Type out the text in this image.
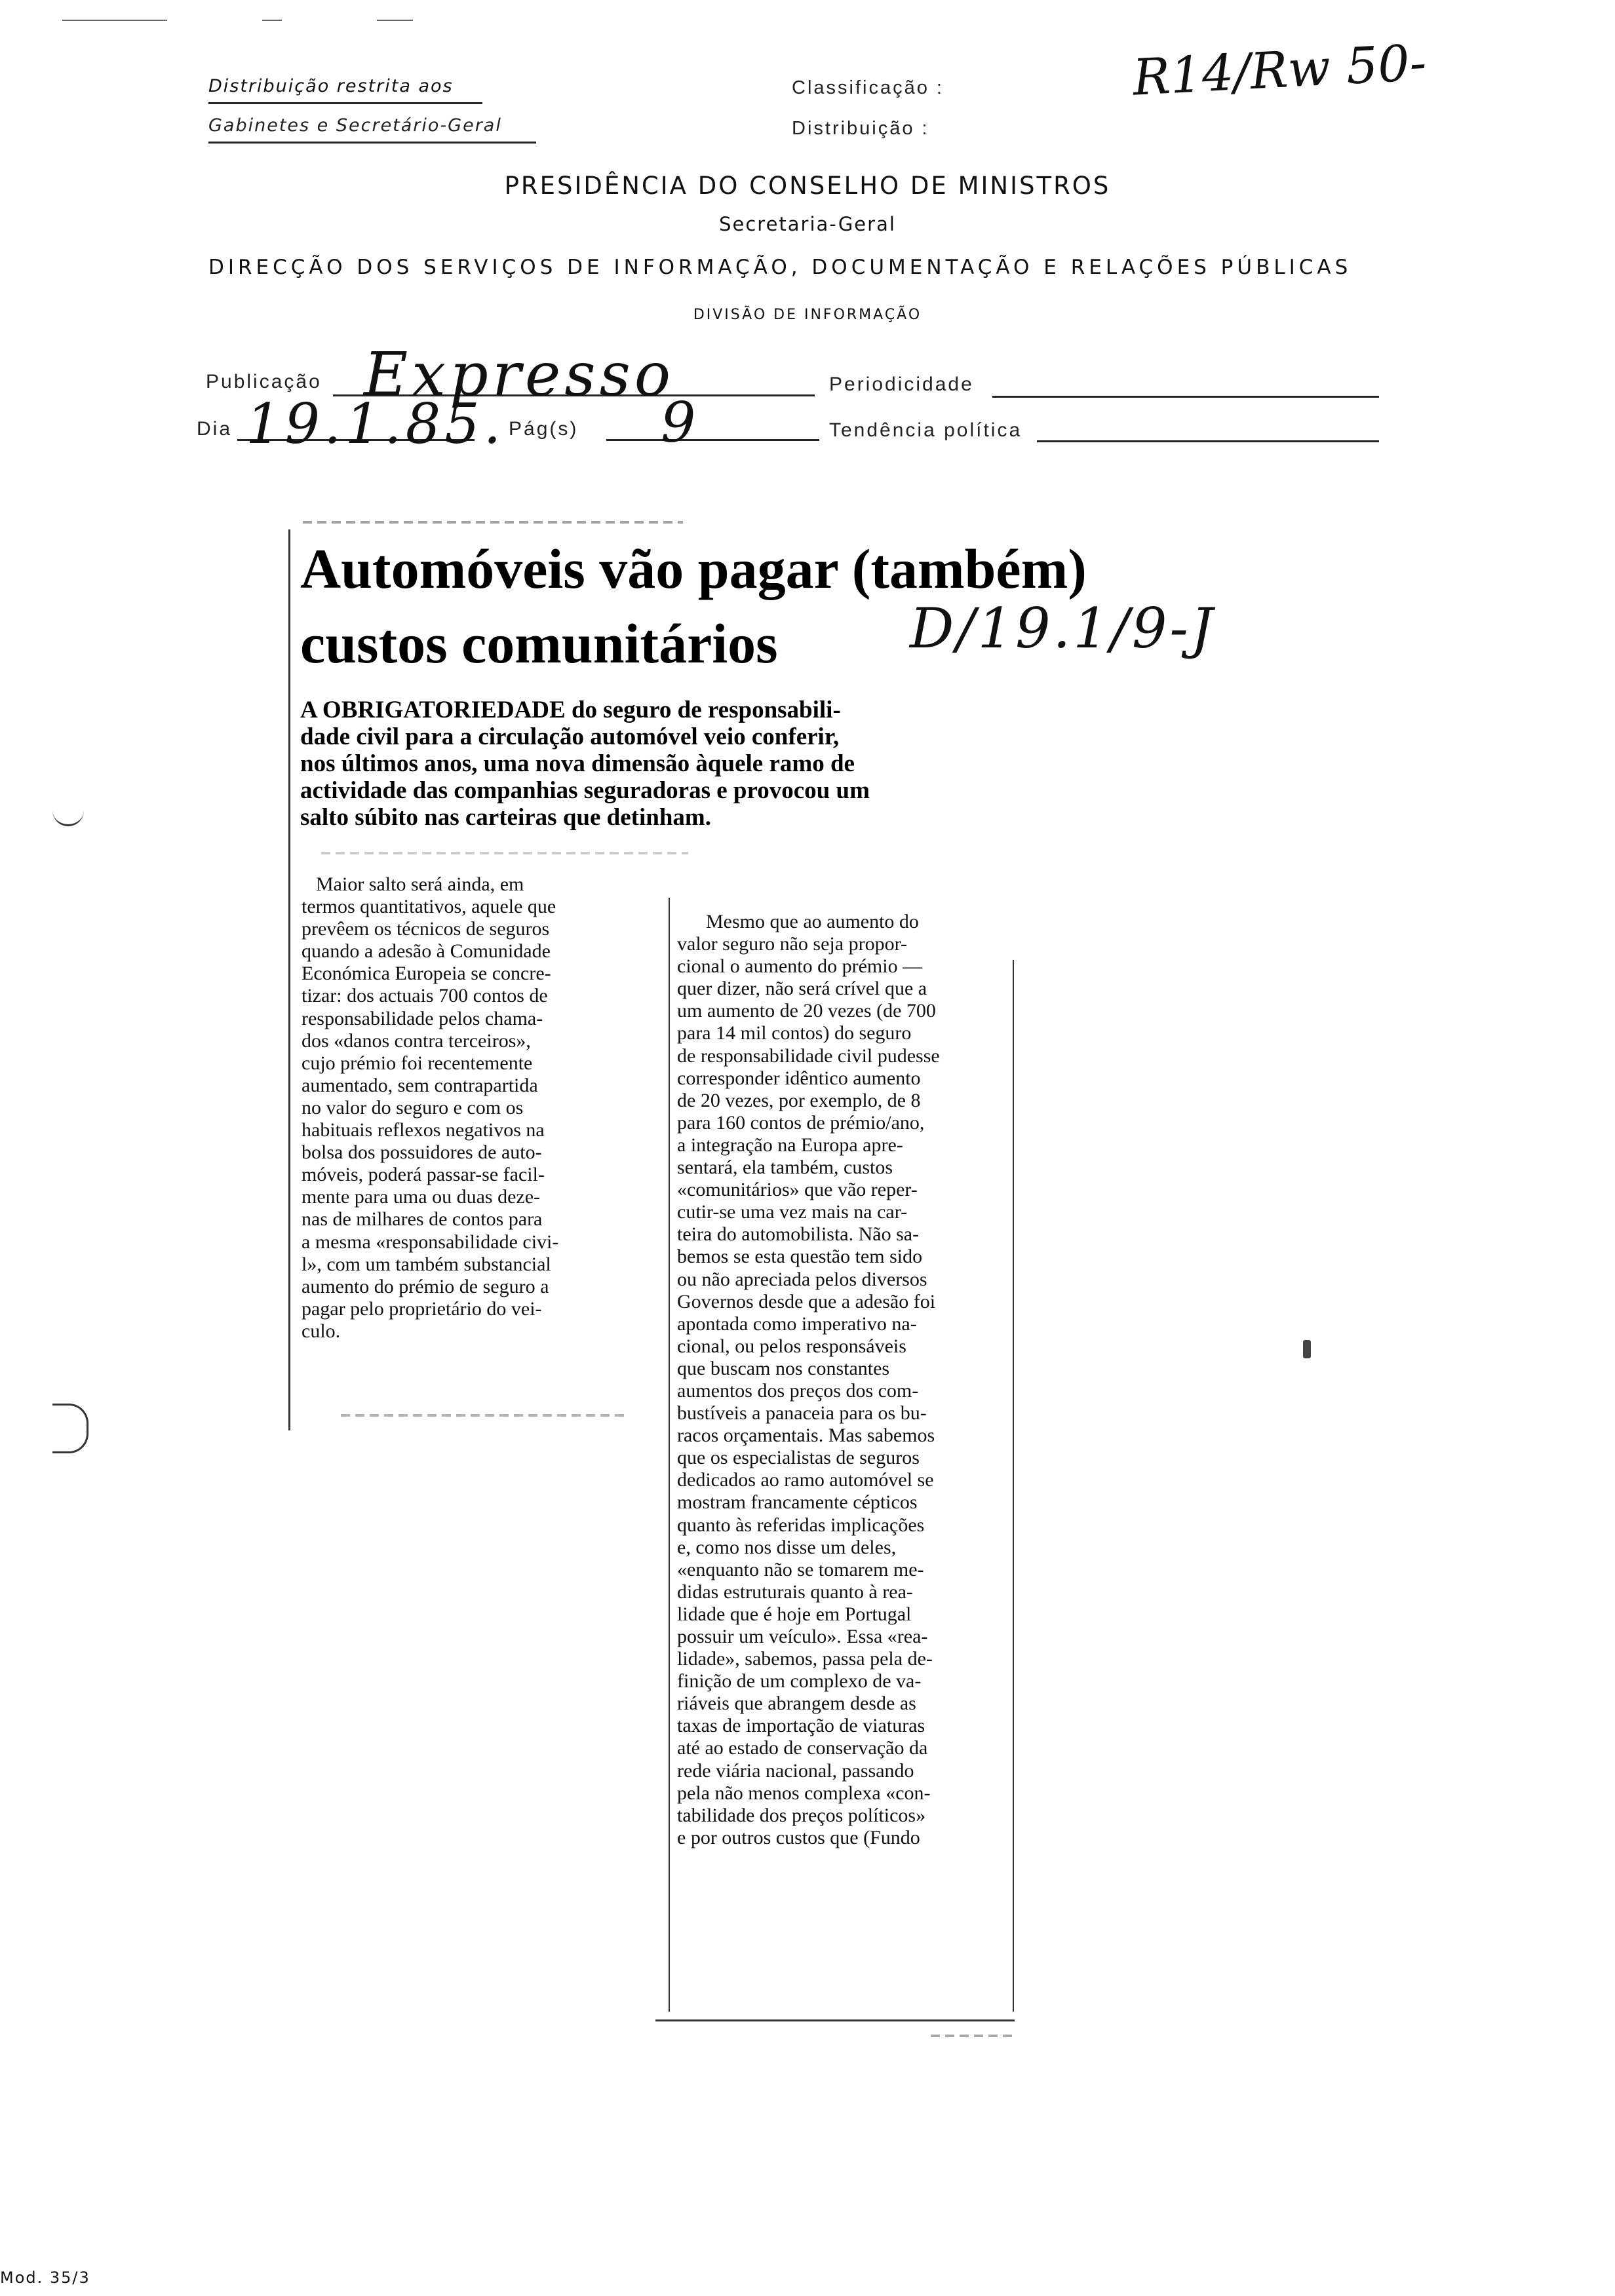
Distribuição restrita aos
Gabinetes e Secretário-Geral
Classificação :
Distribuição :
R14/Rw 50-
PRESIDÊNCIA DO CONSELHO DE MINISTROS
Secretaria-Geral
DIRECÇÃO DOS SERVIÇOS DE INFORMAÇÃO, DOCUMENTAÇÃO E RELAÇÕES PÚBLICAS
DIVISÃO DE INFORMAÇÃO
Publicação Expresso	Periodicidade
Dia 19.1.85. Pág(s) 9	Tendência política
Automóveis vão pagar (também)
custos comunitários D/19.1/9-J
A OBRIGATORIEDADE do seguro de responsabili-
dade civil para a circulação automóvel veio conferir,
nos últimos anos, uma nova dimensão àquele ramo de
actividade das companhias seguradoras e provocou um
salto súbito nas carteiras que detinham.
Maior salto será ainda, em
termos quantitativos, aquele que
prevêem os técnicos de seguros
quando a adesão à Comunidade
Económica Europeia se concre-
tizar: dos actuais 700 contos de
responsabilidade pelos chama-
dos «danos contra terceiros»,
cujo prémio foi recentemente
aumentado, sem contrapartida
no valor do seguro e com os
habituais reflexos negativos na
bolsa dos possuidores de auto-
móveis, poderá passar-se facil-
mente para uma ou duas deze-
nas de milhares de contos para
a mesma «responsabilidade civi-
l», com um também substancial
aumento do prémio de seguro a
pagar pelo proprietário do vei-
culo.
Mesmo que ao aumento do
valor seguro não seja propor-
cional o aumento do prémio —
quer dizer, não será crível que a
um aumento de 20 vezes (de 700
para 14 mil contos) do seguro
de responsabilidade civil pudesse
corresponder idêntico aumento
de 20 vezes, por exemplo, de 8
para 160 contos de prémio/ano,
a integração na Europa apre-
sentará, ela também, custos
«comunitários» que vão reper-
cutir-se uma vez mais na car-
teira do automobilista. Não sa-
bemos se esta questão tem sido
ou não apreciada pelos diversos
Governos desde que a adesão foi
apontada como imperativo na-
cional, ou pelos responsáveis
que buscam nos constantes
aumentos dos preços dos com-
bustíveis a panaceia para os bu-
racos orçamentais. Mas sabemos
que os especialistas de seguros
dedicados ao ramo automóvel se
mostram francamente cépticos
quanto às referidas implicações
e, como nos disse um deles,
«enquanto não se tomarem me-
didas estruturais quanto à rea-
lidade que é hoje em Portugal
possuir um veículo». Essa «rea-
lidade», sabemos, passa pela de-
finição de um complexo de va-
riáveis que abrangem desde as
taxas de importação de viaturas
até ao estado de conservação da
rede viária nacional, passando
pela não menos complexa «con-
tabilidade dos preços políticos»
e por outros custos que (Fundo
Mod. 35/3
